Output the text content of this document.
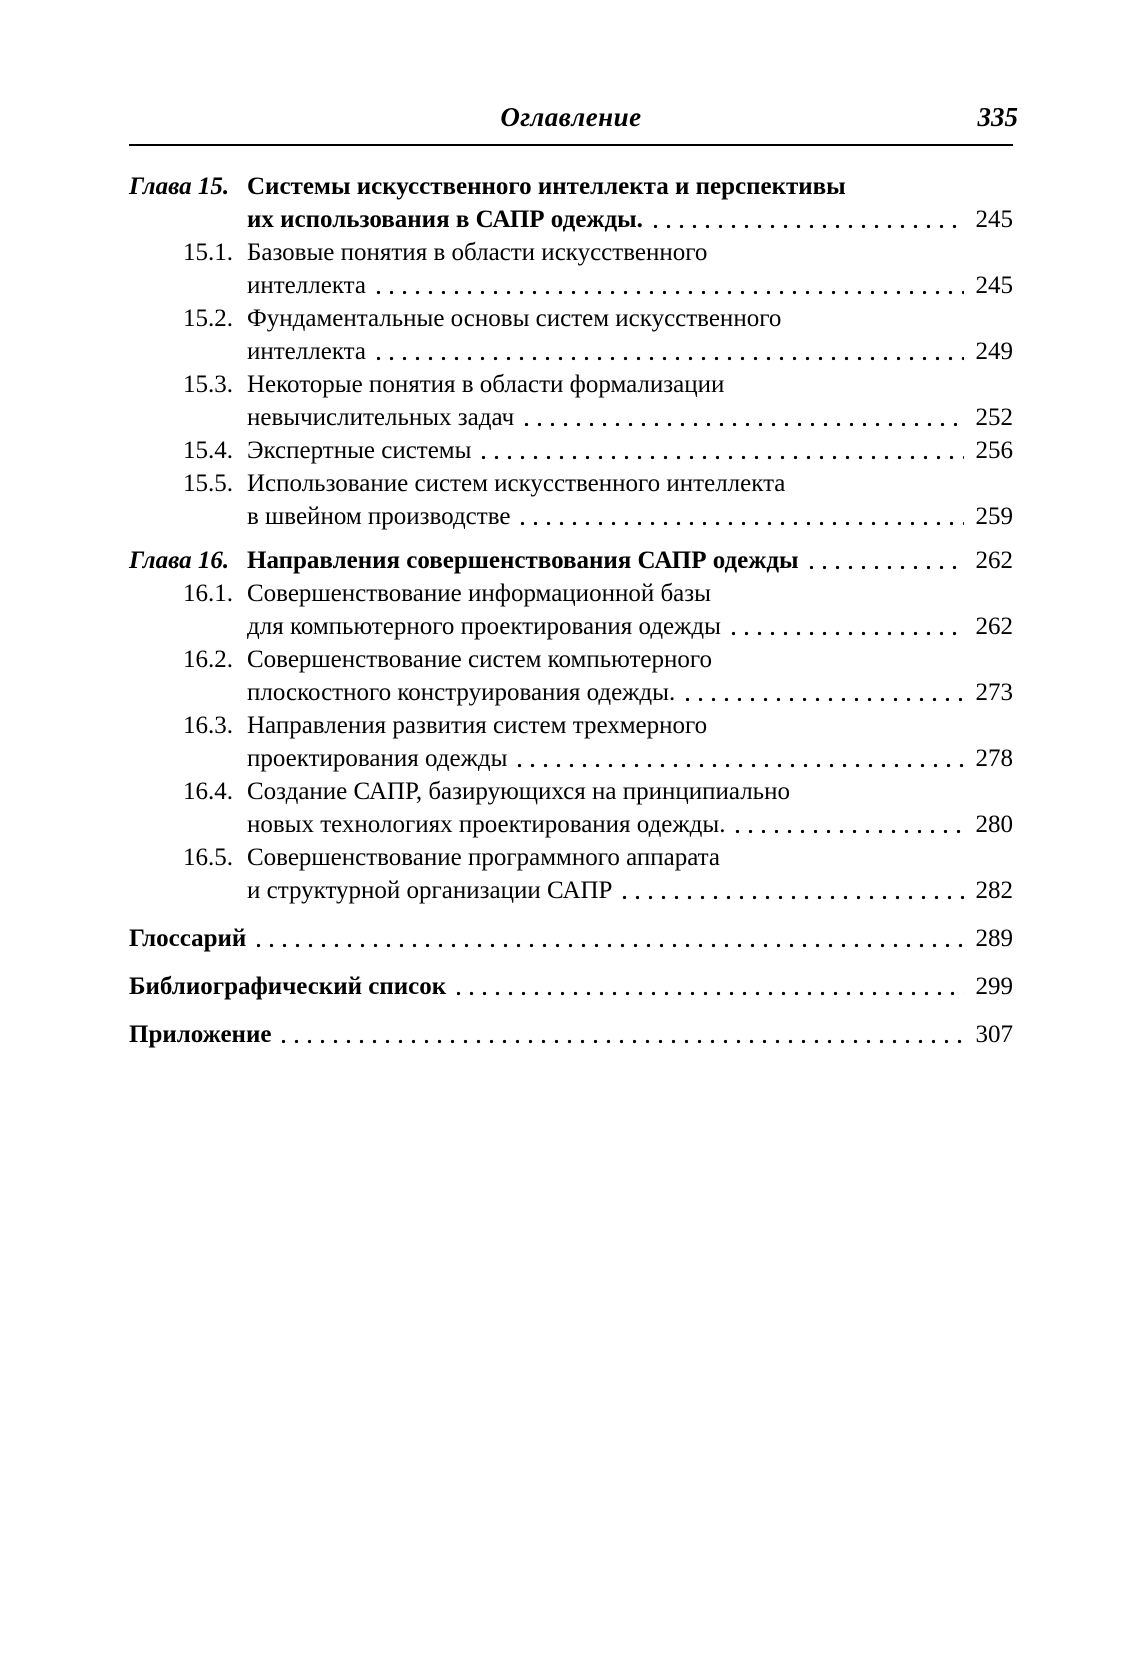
Оглавление	335
Глава 15. Системы искусственного интеллекта и перспективы
их использования в САПР одежды.	245
15.1. Базовые понятия в области искусственного
интеллекта	245
15.2. Фундаментальные основы систем искусственного
интеллекта	249
15.3. Некоторые понятия в области формализации
невычислительных задач	252
15.4. Экспертные системы	256
15.5. Использование систем искусственного интеллекта
в швейном производстве	259
Глава 16. Направления совершенствования САПР одежды	262
16.1. Совершенствование информационной базы
для компьютерного проектирования одежды	262
16.2. Совершенствование систем компьютерного
плоскостного конструирования одежды.	273
16.3. Направления развития систем трехмерного
проектирования одежды	278
16.4. Создание САПР, базирующихся на принципиально
новых технологиях проектирования одежды.	280
16.5. Совершенствование программного аппарата
и структурной организации САПР	282
Глоссарий	289
Библиографический список	299
Приложение	307
